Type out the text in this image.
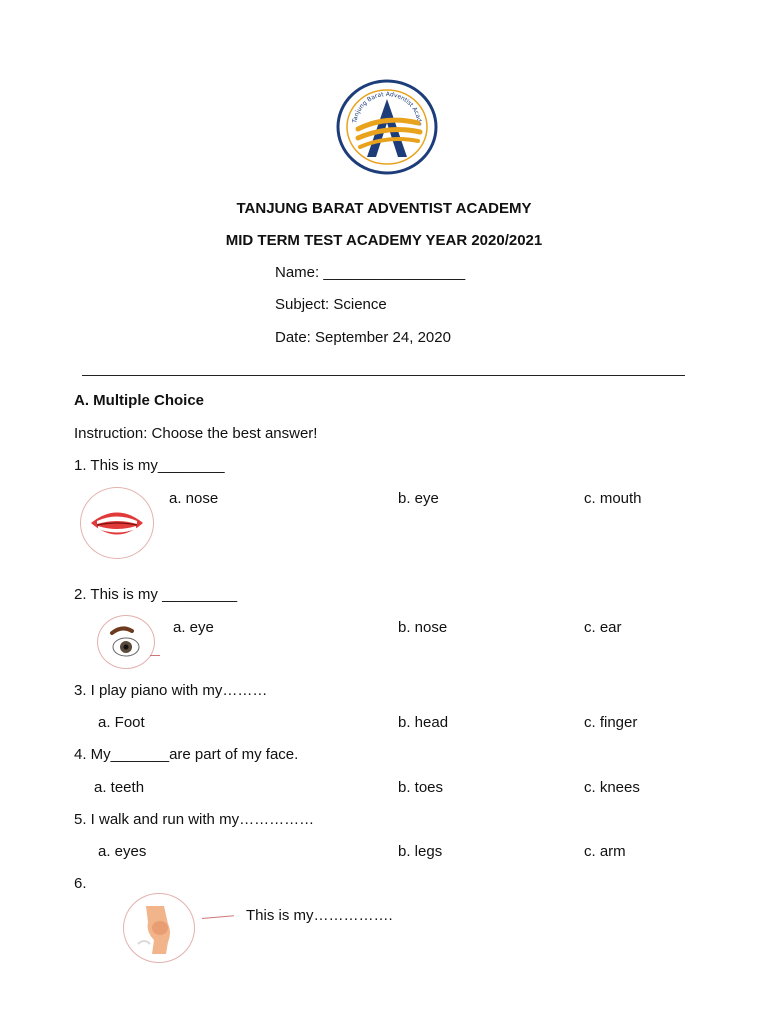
Tanjung Barat Adventist Acade
TANJUNG BARAT ADVENTIST ACADEMY
MID TERM TEST ACADEMY YEAR 2020/2021
Name: _________________
Subject: Science
Date: September 24, 2020
A. Multiple Choice
Instruction: Choose the best answer!
1. This is my________
a. nose	b. eye	c. mouth
2. This is my _________
a. eye	b. nose	c. ear
3. I play piano with my………
a. Foot	b. head	c. finger
4. My_______are part of my face.
a. teeth	b. toes	c. knees
5. I walk and run with my……………
a. eyes	b. legs	c. arm
6.
This is my…………….
